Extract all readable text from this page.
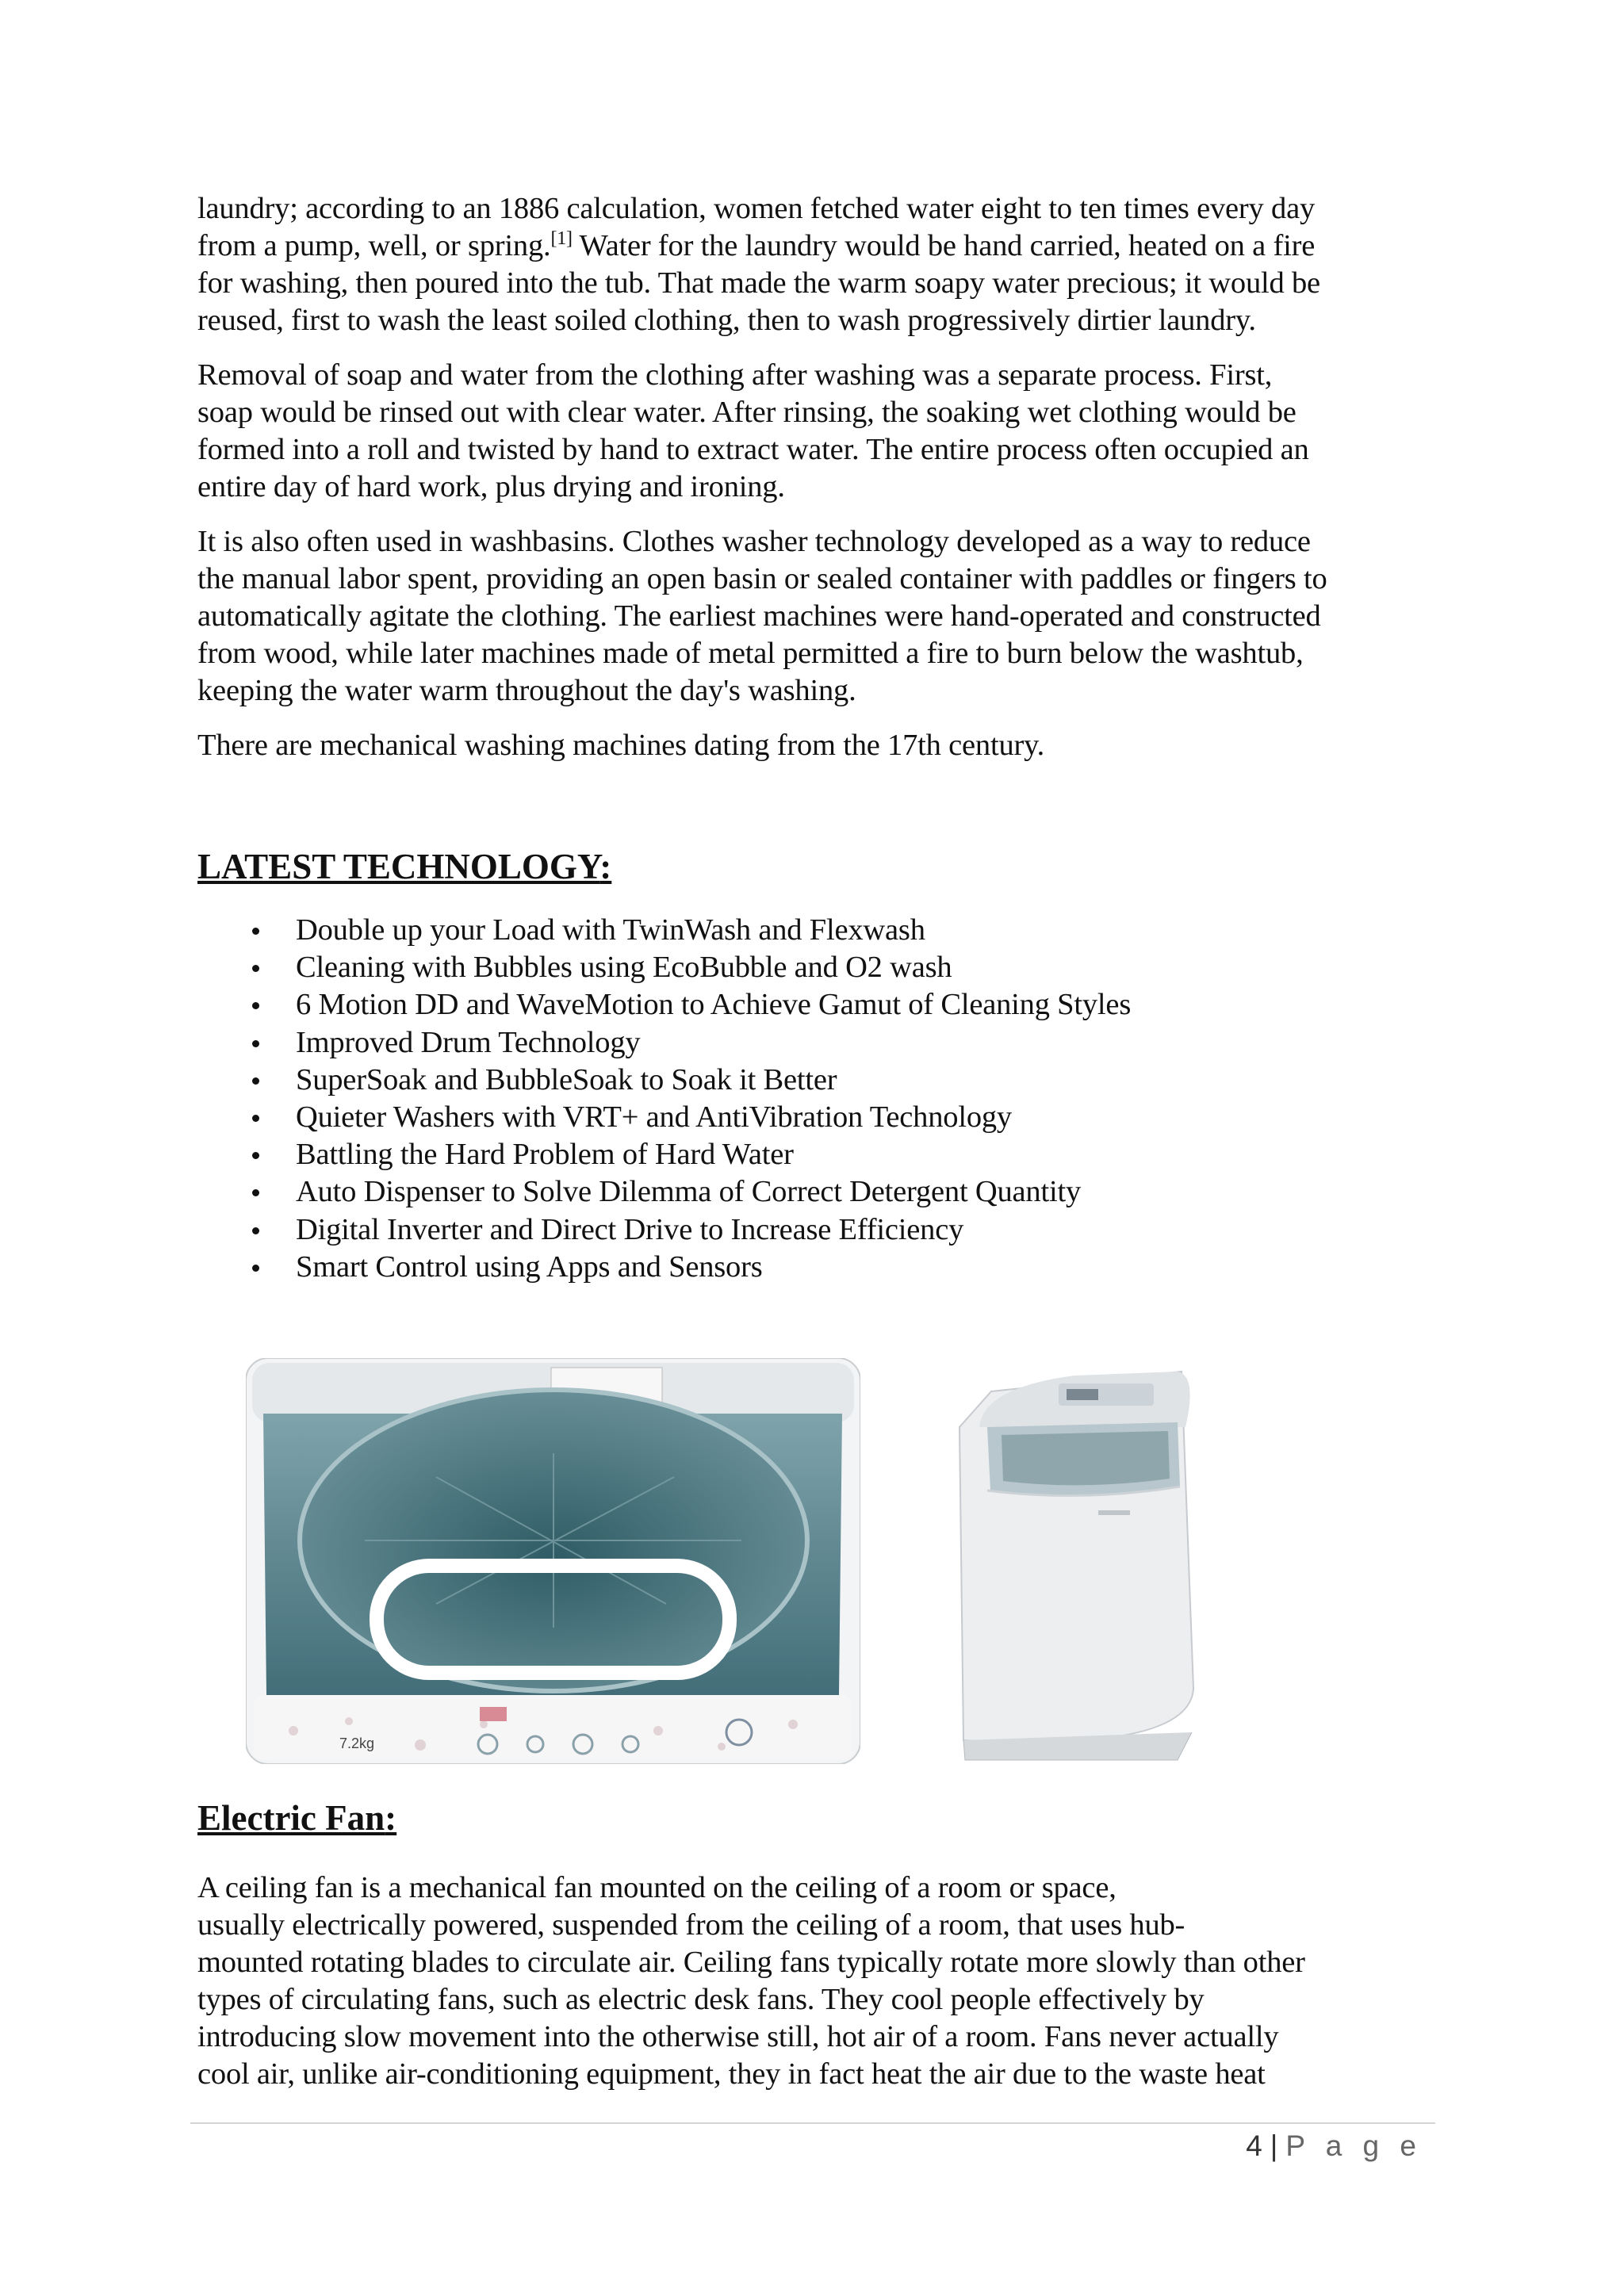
laundry; according to an 1886 calculation, women fetched water eight to ten times every day
from a pump, well, or spring.[1] Water for the laundry would be hand carried, heated on a fire
for washing, then poured into the tub. That made the warm soapy water precious; it would be
reused, first to wash the least soiled clothing, then to wash progressively dirtier laundry.

Removal of soap and water from the clothing after washing was a separate process. First,
soap would be rinsed out with clear water. After rinsing, the soaking wet clothing would be
formed into a roll and twisted by hand to extract water. The entire process often occupied an
entire day of hard work, plus drying and ironing.

It is also often used in washbasins. Clothes washer technology developed as a way to reduce
the manual labor spent, providing an open basin or sealed container with paddles or fingers to
automatically agitate the clothing. The earliest machines were hand-operated and constructed
from wood, while later machines made of metal permitted a fire to burn below the washtub,
keeping the water warm throughout the day's washing.

There are mechanical washing machines dating from the 17th century.

LATEST TECHNOLOGY:
Double up your Load with TwinWash and Flexwash
Cleaning with Bubbles using EcoBubble and O2 wash
6 Motion DD and WaveMotion to Achieve Gamut of Cleaning Styles
Improved Drum Technology
SuperSoak and BubbleSoak to Soak it Better
Quieter Washers with VRT+ and AntiVibration Technology
Battling the Hard Problem of Hard Water
Auto Dispenser to Solve Dilemma of Correct Detergent Quantity
Digital Inverter and Direct Drive to Increase Efficiency
Smart Control using Apps and Sensors
7.2kg
Electric Fan:

A ceiling fan is a mechanical fan mounted on the ceiling of a room or space,
usually electrically powered, suspended from the ceiling of a room, that uses hub-
mounted rotating blades to circulate air. Ceiling fans typically rotate more slowly than other
types of circulating fans, such as electric desk fans. They cool people effectively by
introducing slow movement into the otherwise still, hot air of a room. Fans never actually
cool air, unlike air-conditioning equipment, they in fact heat the air due to the waste heat

4 | P a g e
